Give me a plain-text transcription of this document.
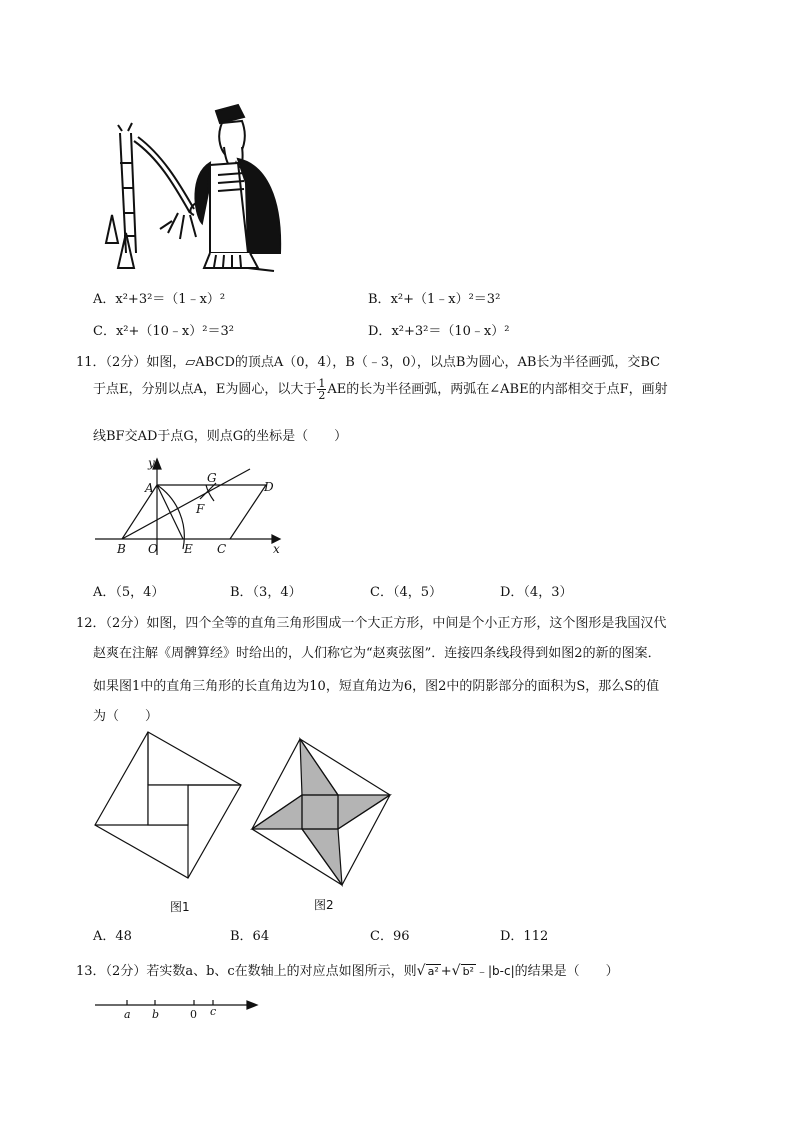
A．x²+3²＝（1﹣x）²	B．x²+（1﹣x）²＝3²
C．x²+（10﹣x）²＝3²	D．x²+3²＝（10﹣x）²
11．（2分）如图，▱ABCD的顶点A（0，4），B（﹣3，0），以点B为圆心，AB长为半径画弧，交BC
于点E，分别以点A，E为圆心，以大于 $\frac{1}{2}$ AE的长为半径画弧，两弧在∠ABE的内部相交于点F，画射
线BF交AD于点G，则点G的坐标是（　　）
y
x
A
G
D
F
B O E C
A．（5，4）	B．（3，4）	C．（4，5）	D．（4，3）
12．（2分）如图，四个全等的直角三角形围成一个大正方形，中间是个小正方形，这个图形是我国汉代
赵爽在注解《周髀算经》时给出的，人们称它为“赵爽弦图”．连接四条线段得到如图2的新的图案．
如果图1中的直角三角形的长直角边为10，短直角边为6，图2中的阴影部分的面积为S，那么S的值
为（　　）
图1	图2
A．48	B．64	C．96	D．112
13．（2分）若实数a、b、c在数轴上的对应点如图所示，则√ a² +√ b² ﹣|b-c|的结果是（　　）
a b	0 c
